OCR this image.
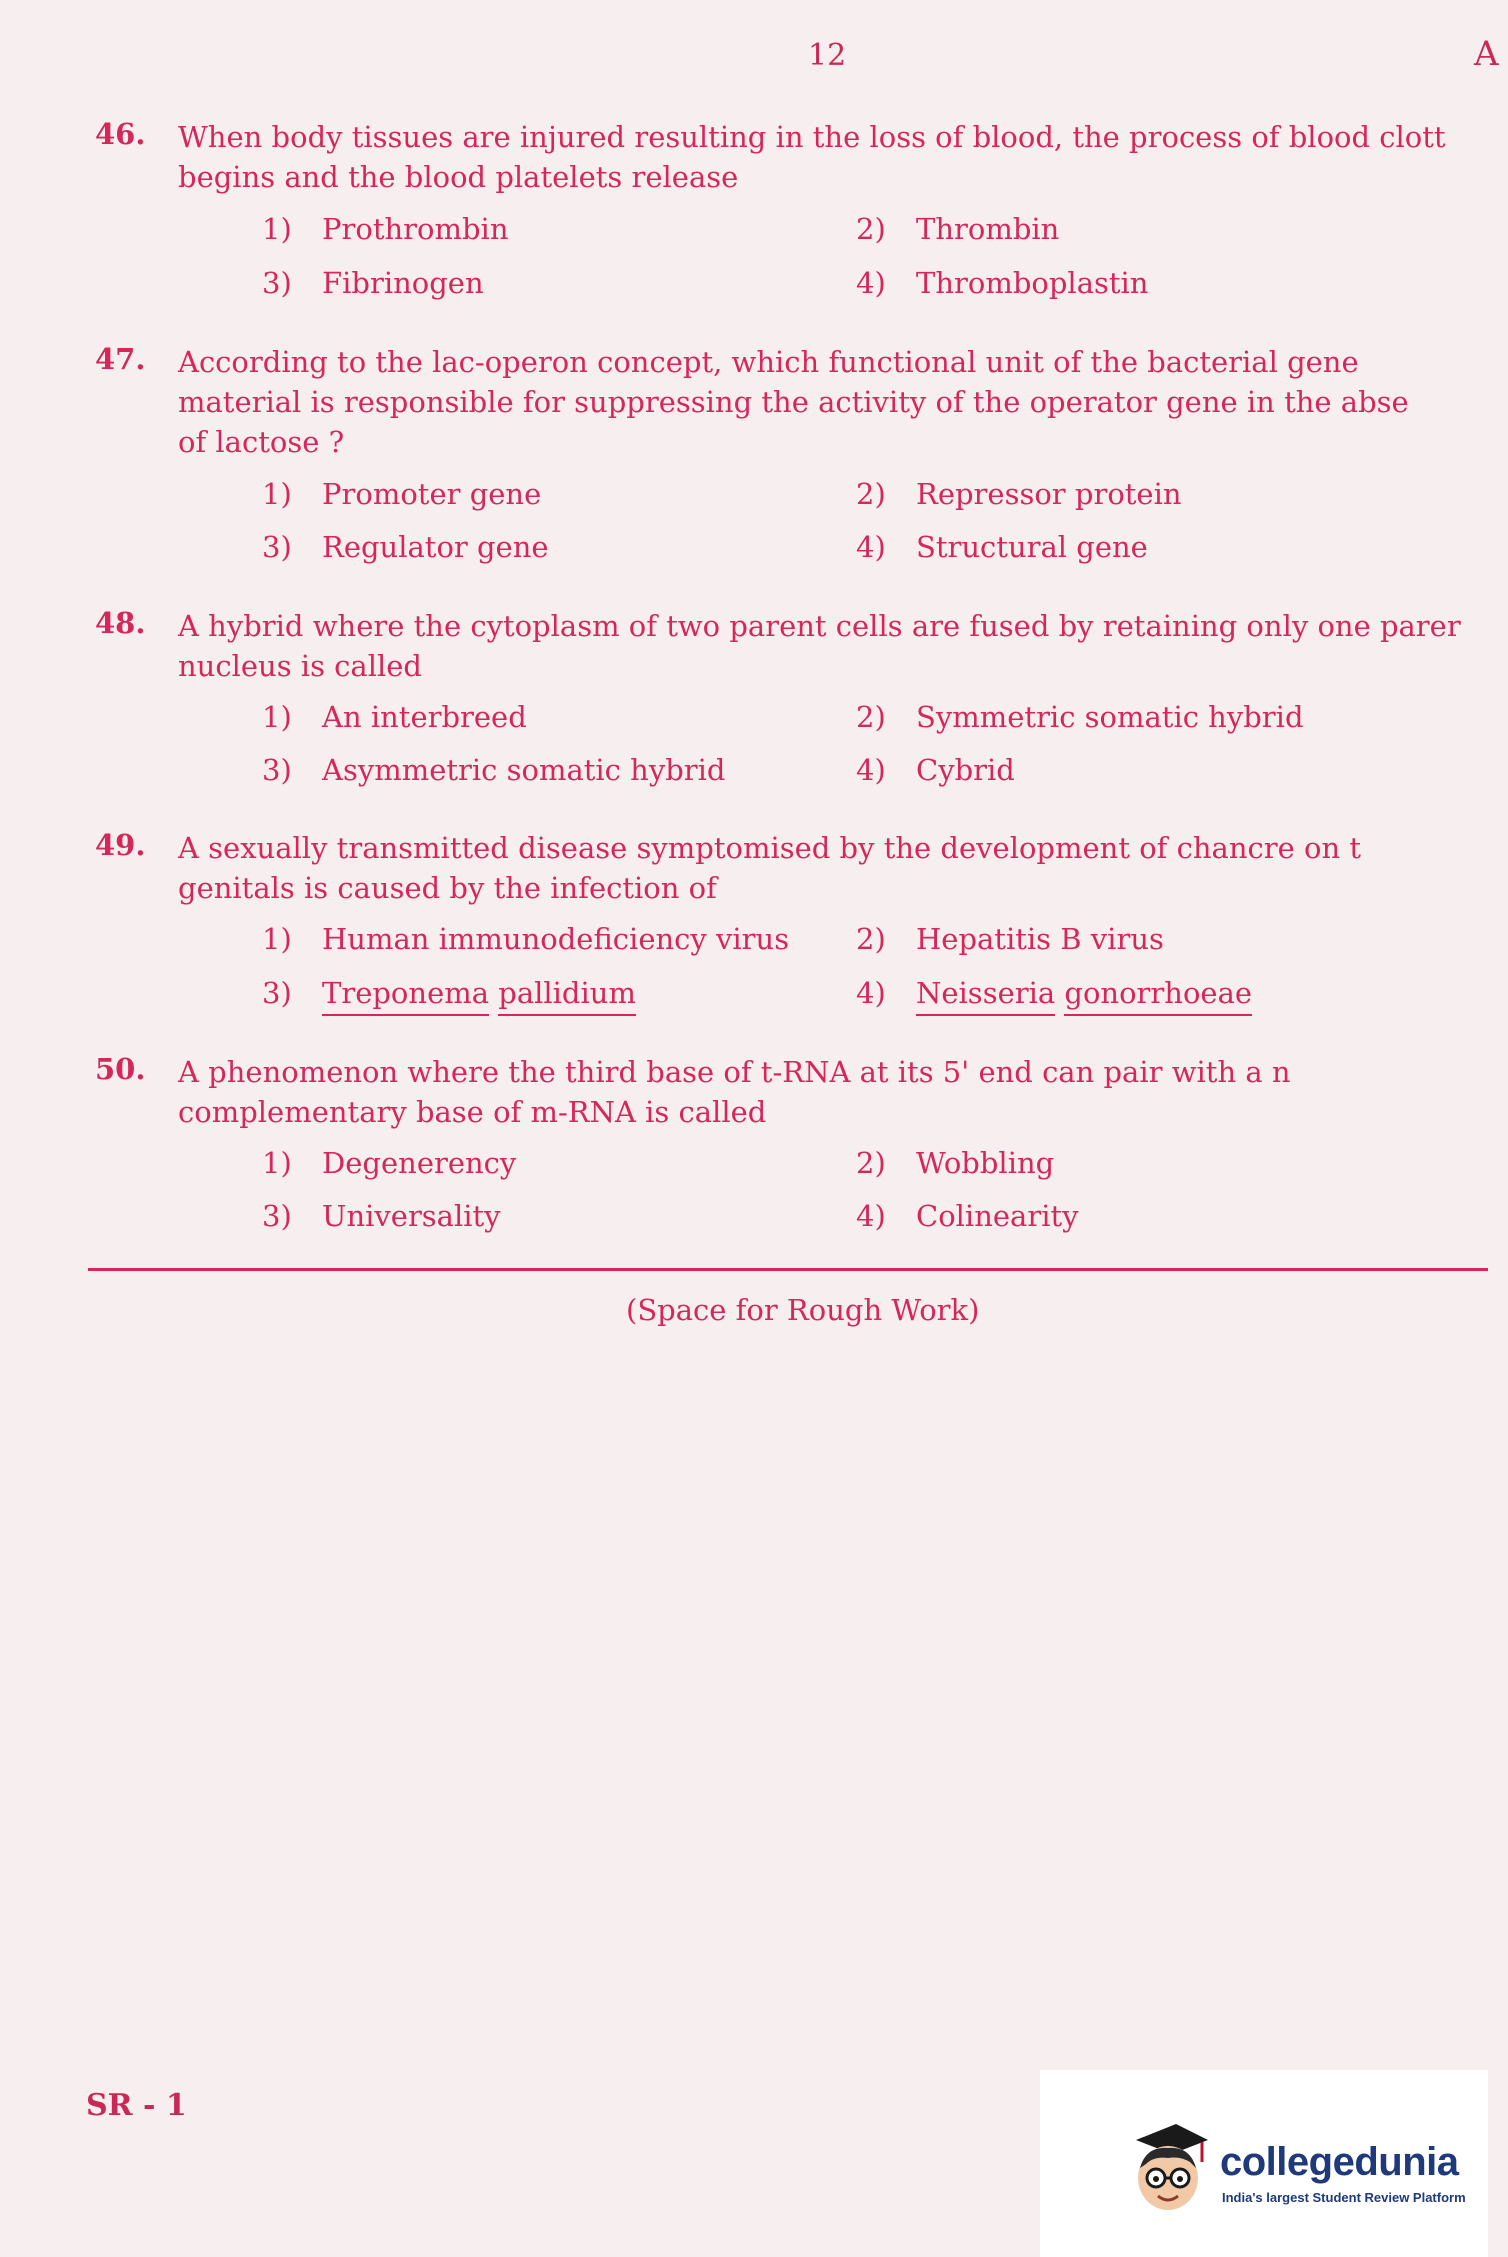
12	A
46. When body tissues are injured resulting in the loss of blood, the process of blood clott
begins and the blood platelets release
1) Prothrombin	2) Thrombin
3) Fibrinogen	4) Thromboplastin
47. According to the lac-operon concept, which functional unit of the bacterial gene
material is responsible for suppressing the activity of the operator gene in the abse
of lactose ?
1) Promoter gene	2) Repressor protein
3) Regulator gene	4) Structural gene
48. A hybrid where the cytoplasm of two parent cells are fused by retaining only one parer
nucleus is called
1) An interbreed	2) Symmetric somatic hybrid
3) Asymmetric somatic hybrid	4) Cybrid
49. A sexually transmitted disease symptomised by the development of chancre on t
genitals is caused by the infection of
1) Human immunodeficiency virus 2) Hepatitis B virus
3) Treponema pallidium	4) Neisseria gonorrhoeae
50. A phenomenon where the third base of t-RNA at its 5' end can pair with a n
complementary base of m-RNA is called
1) Degenerency	2) Wobbling
3) Universality	4) Colinearity
(Space for Rough Work)
SR - 1
collegedunia
India's largest Student Review Platform
